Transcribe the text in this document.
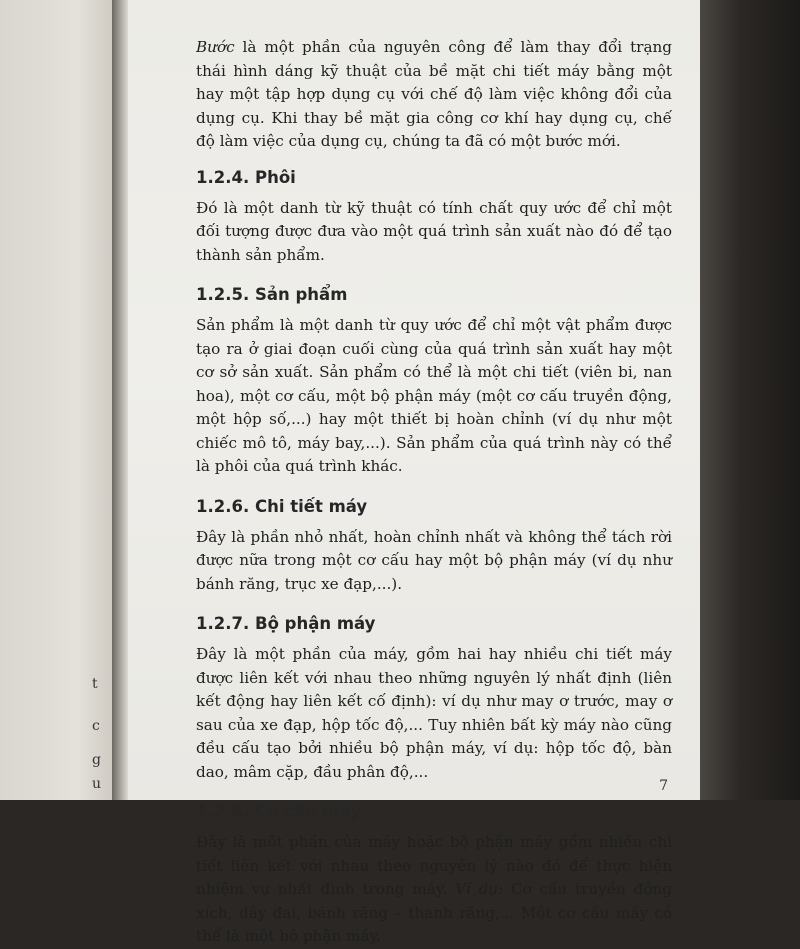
t
c
g
u

Bước là một phần của nguyên công để làm thay đổi trạng thái hình dáng kỹ thuật của bề mặt chi tiết máy bằng một hay một tập hợp dụng cụ với chế độ làm việc không đổi của dụng cụ. Khi thay bề mặt gia công cơ khí hay dụng cụ, chế độ làm việc của dụng cụ, chúng ta đã có một bước mới.

1.2.4. Phôi

Đó là một danh từ kỹ thuật có tính chất quy ước để chỉ một đối tượng được đưa vào một quá trình sản xuất nào đó để tạo thành sản phẩm.

1.2.5. Sản phẩm

Sản phẩm là một danh từ quy ước để chỉ một vật phẩm được tạo ra ở giai đoạn cuối cùng của quá trình sản xuất hay một cơ sở sản xuất. Sản phẩm có thể là một chi tiết (viên bi, nan hoa), một cơ cấu, một bộ phận máy (một cơ cấu truyền động, một hộp số,...) hay một thiết bị hoàn chỉnh (ví dụ như một chiếc mô tô, máy bay,...). Sản phẩm của quá trình này có thể là phôi của quá trình khác.

1.2.6. Chi tiết máy

Đây là phần nhỏ nhất, hoàn chỉnh nhất và không thể tách rời được nữa trong một cơ cấu hay một bộ phận máy (ví dụ như bánh răng, trục xe đạp,...).

1.2.7. Bộ phận máy

Đây là một phần của máy, gồm hai hay nhiều chi tiết máy được liên kết với nhau theo những nguyên lý nhất định (liên kết động hay liên kết cố định): ví dụ như may ơ trước, may ơ sau của xe đạp, hộp tốc độ,... Tuy nhiên bất kỳ máy nào cũng đều cấu tạo bởi nhiều bộ phận máy, ví dụ: hộp tốc độ, bàn dao, mâm cặp, đầu phân độ,...

1.2.8. Cơ cấu máy

Đây là một phần của máy hoặc bộ phận máy gồm nhiều chi tiết liên kết với nhau theo nguyên lý nào đó để thực hiện nhiệm vụ nhất định trong máy. Ví dụ: Cơ cấu truyền động xích, dây đai, bánh răng – thanh răng,... Một cơ cấu máy có thể là một bộ phận máy.

7
